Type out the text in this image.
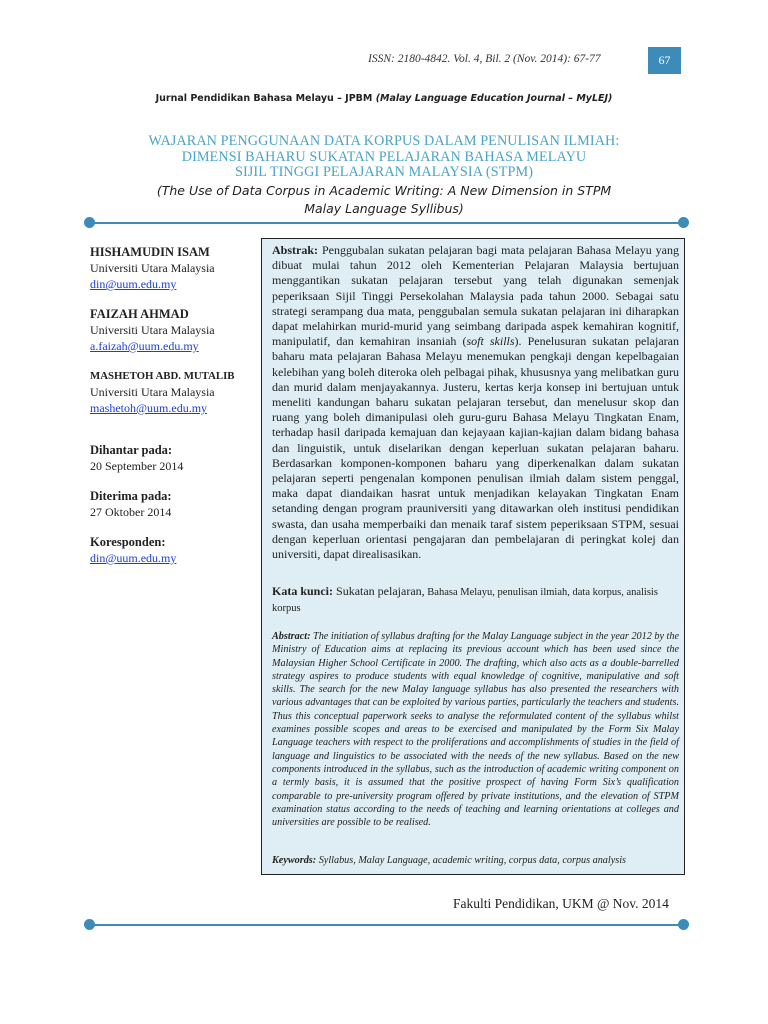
ISSN: 2180-4842. Vol. 4, Bil. 2 (Nov. 2014): 67-77	67
Jurnal Pendidikan Bahasa Melayu – JPBM (Malay Language Education Journal – MyLEJ)
WAJARAN PENGGUNAAN DATA KORPUS DALAM PENULISAN ILMIAH:
DIMENSI BAHARU SUKATAN PELAJARAN BAHASA MELAYU
SIJIL TINGGI PELAJARAN MALAYSIA (STPM)
(The Use of Data Corpus in Academic Writing: A New Dimension in STPM
Malay Language Syllibus)
HISHAMUDIN ISAM
Universiti Utara Malaysia
din@uum.edu.my
FAIZAH AHMAD
Universiti Utara Malaysia
a.faizah@uum.edu.my
MASHETOH ABD. MUTALIB
Universiti Utara Malaysia
mashetoh@uum.edu.my
Dihantar pada:
20 September 2014
Diterima pada:
27 Oktober 2014
Koresponden:
din@uum.edu.my
Abstrak: Penggubalan sukatan pelajaran bagi mata pelajaran Bahasa Melayu yang dibuat mulai tahun 2012 oleh Kementerian Pelajaran Malaysia bertujuan menggantikan sukatan pelajaran tersebut yang telah digunakan semenjak peperiksaan Sijil Tinggi Persekolahan Malaysia pada tahun 2000. Sebagai satu strategi serampang dua mata, penggubalan semula sukatan pelajaran ini diharapkan dapat melahirkan murid-murid yang seimbang daripada aspek kemahiran kognitif, manipulatif, dan kemahiran insaniah (soft skills). Penelusuran sukatan pelajaran baharu mata pelajaran Bahasa Melayu menemukan pengkaji dengan kepelbagaian kelebihan yang boleh diteroka oleh pelbagai pihak, khususnya yang melibatkan guru dan murid dalam menjayakannya. Justeru, kertas kerja konsep ini bertujuan untuk meneliti kandungan baharu sukatan pelajaran tersebut, dan menelusur skop dan ruang yang boleh dimanipulasi oleh guru-guru Bahasa Melayu Tingkatan Enam, terhadap hasil daripada kemajuan dan kejayaan kajian-kajian dalam bidang bahasa dan linguistik, untuk diselarikan dengan keperluan sukatan pelajaran baharu. Berdasarkan komponen-komponen baharu yang diperkenalkan dalam sukatan pelajaran seperti pengenalan komponen penulisan ilmiah dalam sistem penggal, maka dapat diandaikan hasrat untuk menjadikan kelayakan Tingkatan Enam setanding dengan program prauniversiti yang ditawarkan oleh institusi pendidikan swasta, dan usaha memperbaiki dan menaik taraf sistem peperiksaan STPM, sesuai dengan keperluan orientasi pengajaran dan pembelajaran di peringkat kolej dan universiti, dapat direalisasikan.
Kata kunci: Sukatan pelajaran, Bahasa Melayu, penulisan ilmiah, data korpus, analisis korpus
Abstract: The initiation of syllabus drafting for the Malay Language subject in the year 2012 by the Ministry of Education aims at replacing its previous account which has been used since the Malaysian Higher School Certificate in 2000. The drafting, which also acts as a double-barrelled strategy aspires to produce students with equal knowledge of cognitive, manipulative and soft skills. The search for the new Malay language syllabus has also presented the researchers with various advantages that can be exploited by various parties, particularly the teachers and students. Thus this conceptual paperwork seeks to analyse the reformulated content of the syllabus whilst examines possible scopes and areas to be exercised and manipulated by the Form Six Malay Language teachers with respect to the proliferations and accomplishments of studies in the field of language and linguistics to be associated with the needs of the new syllabus. Based on the new components introduced in the syllabus, such as the introduction of academic writing component on a termly basis, it is assumed that the positive prospect of having Form Six’s qualification comparable to pre-university program offered by private institutions, and the elevation of STPM examination status according to the needs of teaching and learning orientations at colleges and universities are possible to be realised.
Keywords: Syllabus, Malay Language, academic writing, corpus data, corpus analysis
Fakulti Pendidikan, UKM @ Nov. 2014
